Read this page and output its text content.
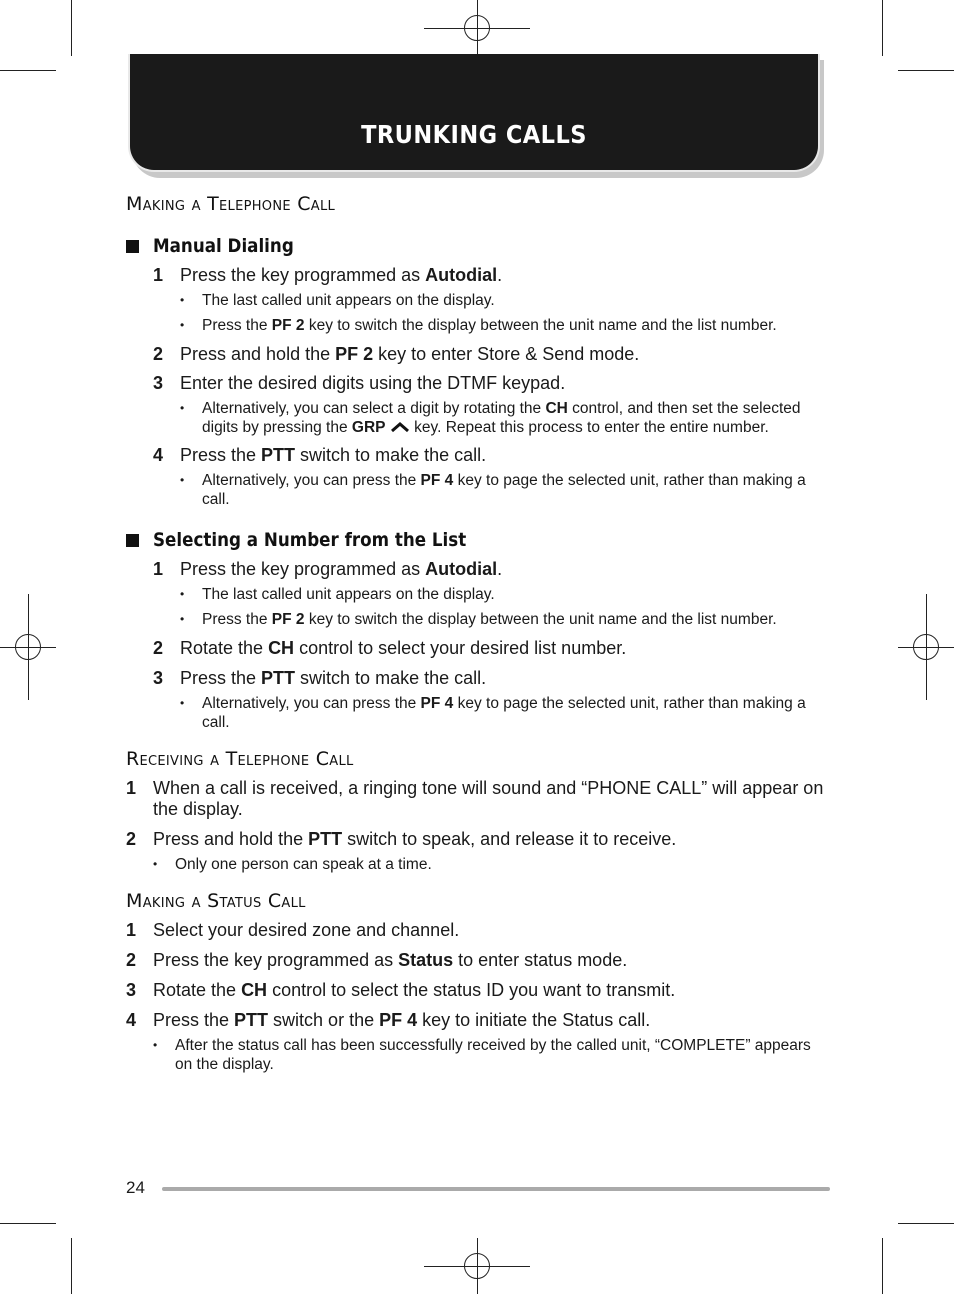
TRUNKING CALLS
Making a Telephone Call
Manual Dialing

1 Press the key programmed as Autodial.

•	The last called unit appears on the display.

•	Press the PF 2 key to switch the display between the unit name and the list number.

2 Press and hold the PF 2 key to enter Store & Send mode.

3 Enter the desired digits using the DTMF keypad.

•	Alternatively, you can select a digit by rotating the CH control, and then set the selected digits by pressing the GRP  key. Repeat this process to enter the entire number.

4 Press the PTT switch to make the call.

•	Alternatively, you can press the PF 4 key to page the selected unit, rather than making a call.

Selecting a Number from the List

1 Press the key programmed as Autodial.

•	The last called unit appears on the display.

•	Press the PF 2 key to switch the display between the unit name and the list number.

2 Rotate the CH control to select your desired list number.

3 Press the PTT switch to make the call.

•	Alternatively, you can press the PF 4 key to page the selected unit, rather than making a call.

Receiving a Telephone Call

1 When a call is received, a ringing tone will sound and “PHONE CALL” will appear on the display.

2 Press and hold the PTT switch to speak, and release it to receive.

•	Only one person can speak at a time.

Making a Status Call

1 Select your desired zone and channel.

2 Press the key programmed as Status to enter status mode.

3 Rotate the CH control to select the status ID you want to transmit.

4 Press the PTT switch or the PF 4 key to initiate the Status call.

•	After the status call has been successfully received by the called unit, “COMPLETE” appears on the display.

24
